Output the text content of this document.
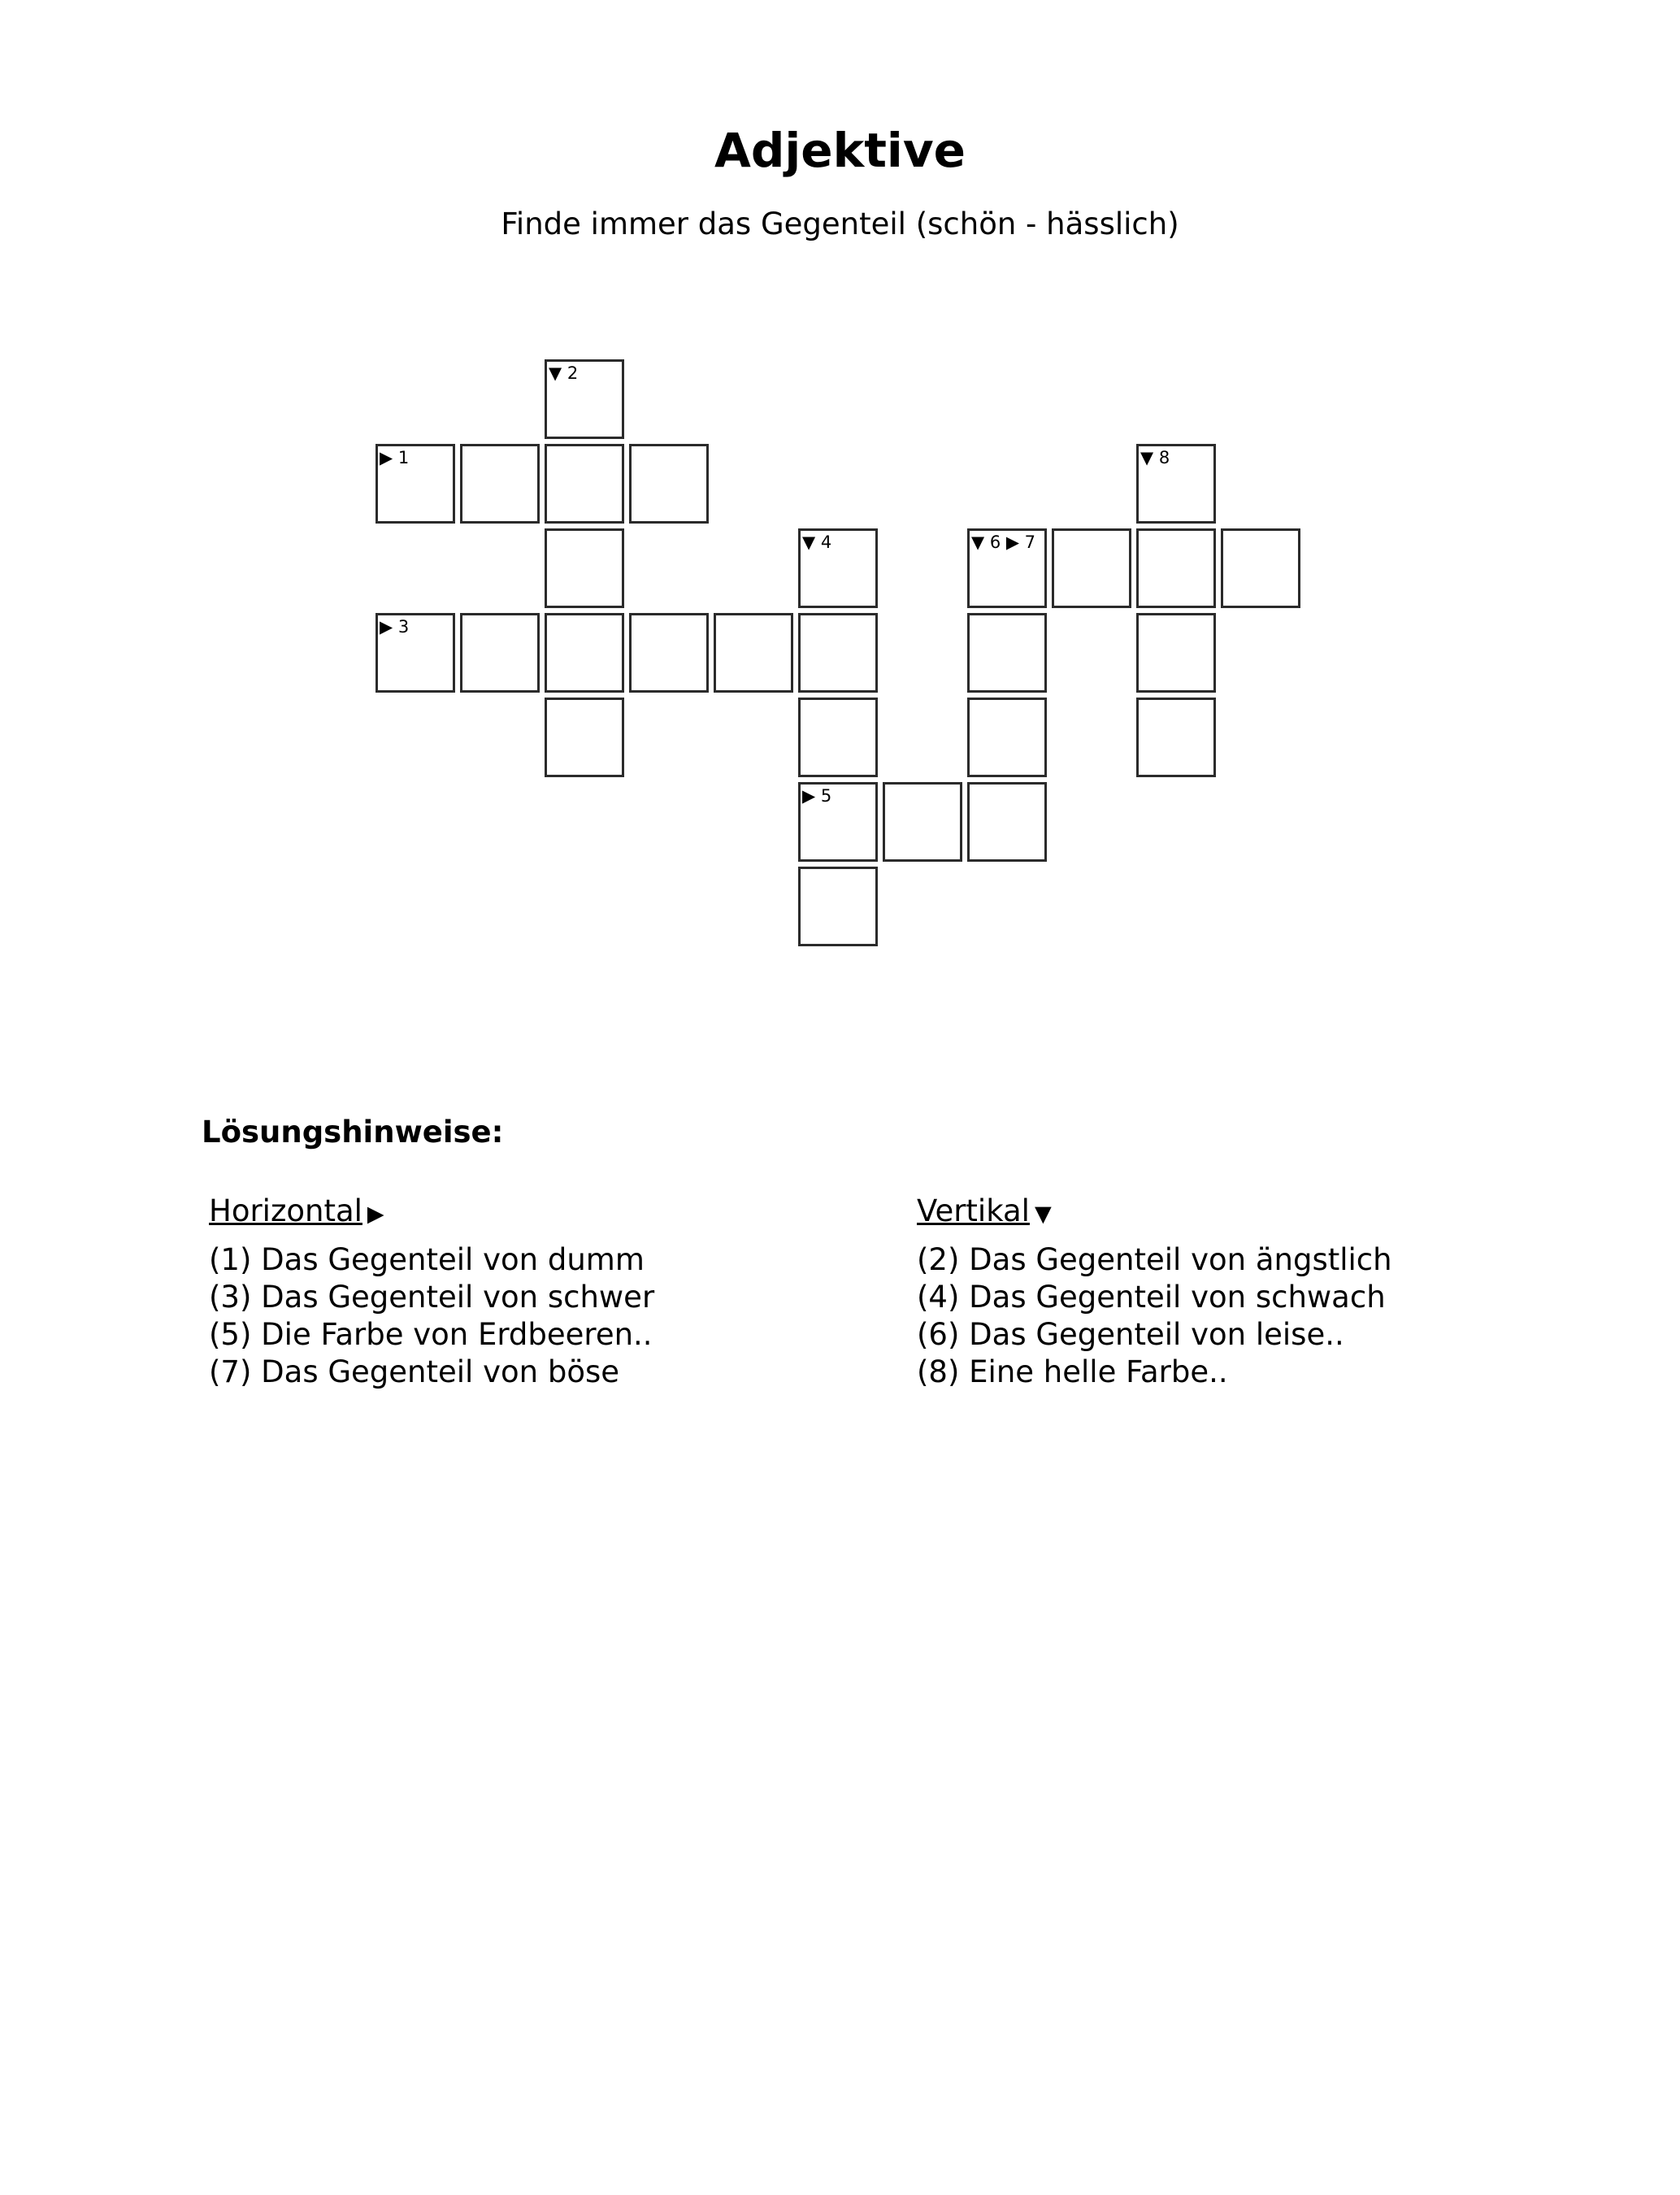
Adjektive
Finde immer das Gegenteil (schön - hässlich)
▼ 2
▶ 1	▼ 8
▼ 4	▼ 6 ▶ 7
▶ 3
▶ 5
Lösungshinweise:
Horizontal ▶
(1) Das Gegenteil von dumm
(3) Das Gegenteil von schwer
(5) Die Farbe von Erdbeeren..
(7) Das Gegenteil von böse
Vertikal ▼
(2) Das Gegenteil von ängstlich
(4) Das Gegenteil von schwach
(6) Das Gegenteil von leise..
(8) Eine helle Farbe..
